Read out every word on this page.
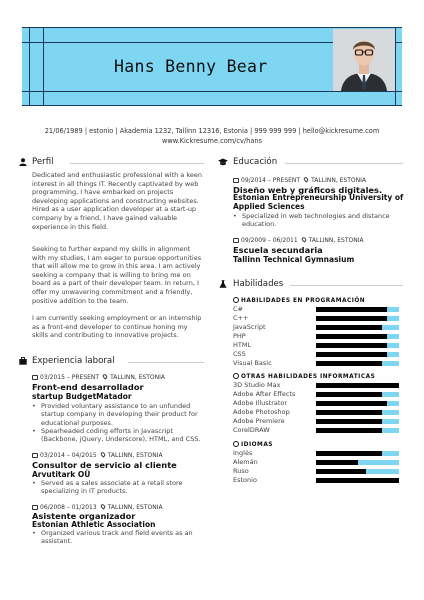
Hans Benny Bear
21/06/1989 | estonio | Akademia 1232, Tallinn 12316, Estonia | 999 999 999 | hello@kickresume.com
www.Kickresume.com/cv/hans
Perfil
Dedicated and enthusiastic professional with a keen interest in all things IT. Recently captivated by web programming, I have embarked on projects developing applications and constructing websites. Hired as a user application developer at a start-up company by a friend, I have gained valuable experience in this field.
Seeking to further expand my skills in alignment with my studies, I am eager to pursue opportunities that will allow me to grow in this area. I am actively seeking a company that is willing to bring me on board as a part of their developer team. In return, I offer my unwavering commitment and a friendly, positive addition to the team.
I am currently seeking employment or an internship as a front-end developer to continue honing my skills and contributing to innovative projects.
Experiencia laboral
03/2015 – PRESENT TALLINN, ESTONIA
Front-end desarrollador
startup BudgetMatador
• Provided voluntary assistance to an unfunded startup company in developing their product for educational purposes.
• Spearheaded coding efforts in Javascript (Backbone, jQuery, Underscore), HTML, and CSS.
03/2014 – 04/2015 TALLINN, ESTONIA
Consultor de servicio al cliente
Arvutitark OÜ
• Served as a sales associate at a retail store specializing in IT products.
06/2008 – 01/2013 TALLINN, ESTONIA
Asistente organizador
Estonian Athletic Association
• Organized various track and field events as an assistant.
Educación
09/2014 – PRESENT TALLINN, ESTONIA
Diseño web y gráficos digitales.
Estonian Entrepreneurship University of Applied Sciences
• Specialized in web technologies and distance education.
09/2009 – 06/2011 TALLINN, ESTONIA
Escuela secundaria
Tallinn Technical Gymnasium
Habilidades
HABILIDADES EN PROGRAMACIÓN
C#
C++
JavaScript
PHP
HTML
CSS
Visual Basic
OTRAS HABILIDADES INFORMATICAS
3D Studio Max
Adobe After Effects
Adobe Illustrator
Adobe Photoshop
Adobe Premiere
CorelDRAW
IDIOMAS
Inglés
Alemán
Ruso
Estonio
